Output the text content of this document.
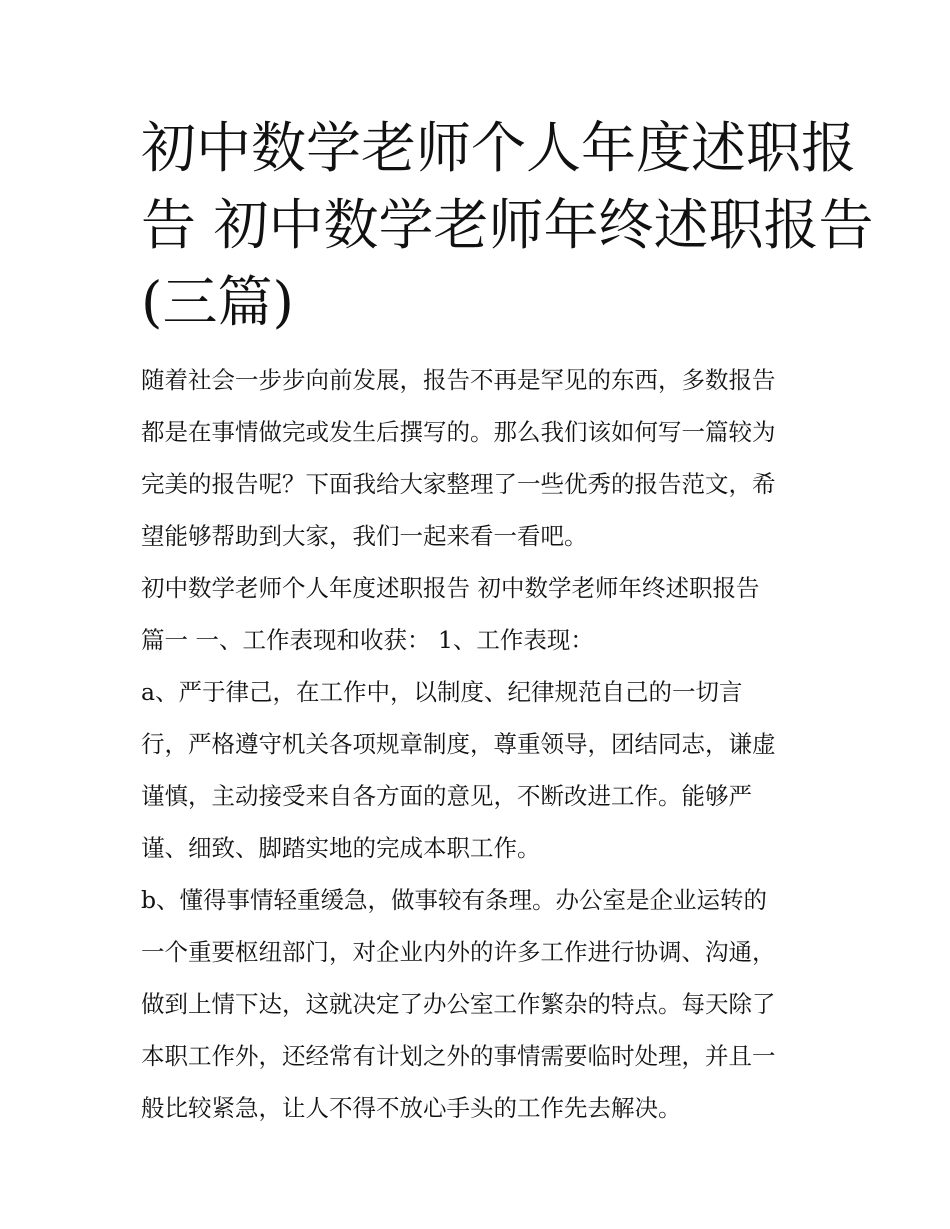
初中数学老师个人年度述职报
告 初中数学老师年终述职报告
(三篇)

随着社会一步步向前发展，报告不再是罕见的东西，多数报告
都是在事情做完或发生后撰写的。那么我们该如何写一篇较为
完美的报告呢？下面我给大家整理了一些优秀的报告范文，希
望能够帮助到大家，我们一起来看一看吧。

初中数学老师个人年度述职报告 初中数学老师年终述职报告
篇一 一、工作表现和收获： 1、工作表现：

a、严于律己，在工作中，以制度、纪律规范自己的一切言
行，严格遵守机关各项规章制度，尊重领导，团结同志，谦虚
谨慎，主动接受来自各方面的意见，不断改进工作。能够严
谨、细致、脚踏实地的完成本职工作。

b、懂得事情轻重缓急，做事较有条理。办公室是企业运转的
一个重要枢纽部门，对企业内外的许多工作进行协调、沟通，
做到上情下达，这就决定了办公室工作繁杂的特点。每天除了
本职工作外，还经常有计划之外的事情需要临时处理，并且一
般比较紧急，让人不得不放心手头的工作先去解决。
